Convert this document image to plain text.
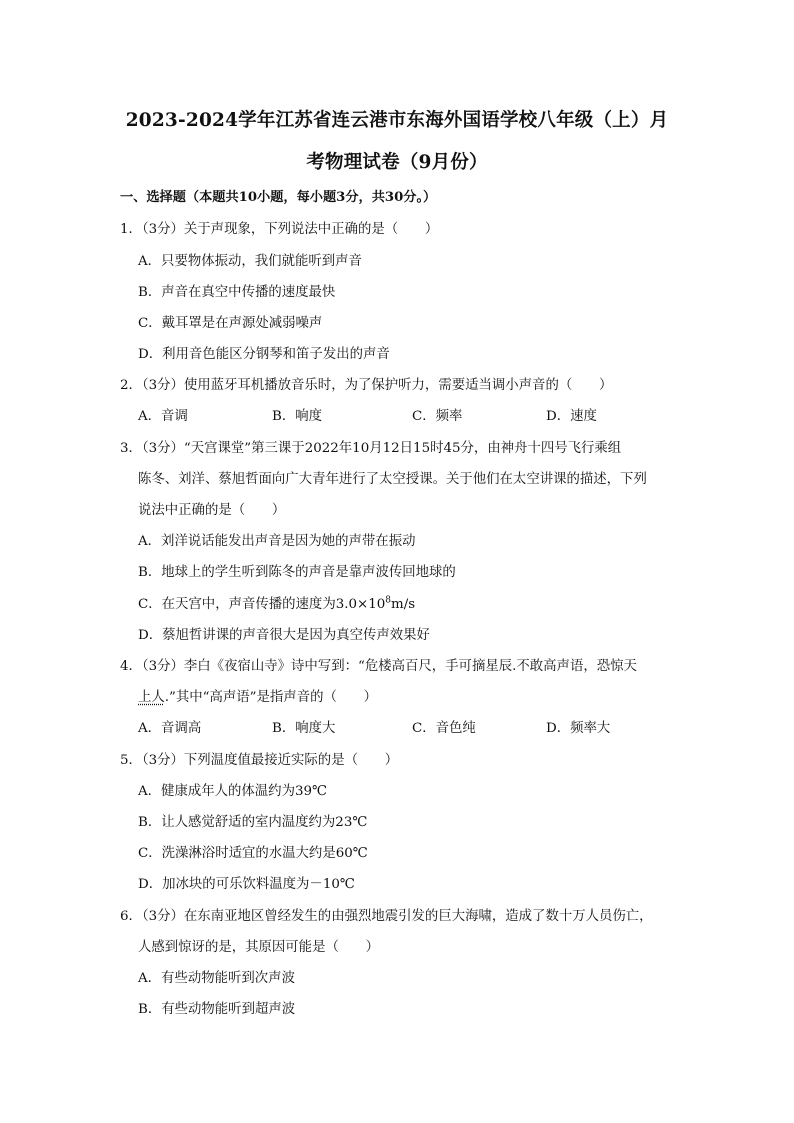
2023-2024学年江苏省连云港市东海外国语学校八年级（上）月
考物理试卷（9月份）
一、选择题（本题共10小题，每小题3分，共30分。）
1．（3分）关于声现象，下列说法中正确的是（　　）
A．只要物体振动，我们就能听到声音
B．声音在真空中传播的速度最快
C．戴耳罩是在声源处减弱噪声
D．利用音色能区分钢琴和笛子发出的声音
2．（3分）使用蓝牙耳机播放音乐时，为了保护听力，需要适当调小声音的（　　）
A．音调	B．响度	C．频率	D．速度
3．（3分）“天宫课堂”第三课于2022年10月12日15时45分，由神舟十四号飞行乘组
陈冬、刘洋、蔡旭哲面向广大青年进行了太空授课。关于他们在太空讲课的描述，下列
说法中正确的是（　　）
A．刘洋说话能发出声音是因为她的声带在振动
B．地球上的学生听到陈冬的声音是靠声波传回地球的
C．在天宫中，声音传播的速度为$3.0\times 10^8m/s$
D．蔡旭哲讲课的声音很大是因为真空传声效果好
4．（3分）李白《夜宿山寺》诗中写到：“危楼高百尺，手可摘星辰.不敢高声语，恐惊天
上人.”其中“高声语”是指声音的（　　）
A．音调高	B．响度大	C．音色纯	D．频率大
5．（3分）下列温度值最接近实际的是（　　）
A．健康成年人的体温约为39℃
B．让人感觉舒适的室内温度约为23℃
C．洗澡淋浴时适宜的水温大约是60℃
D．加冰块的可乐饮料温度为－10℃
6．（3分）在东南亚地区曾经发生的由强烈地震引发的巨大海啸，造成了数十万人员伤亡，
人感到惊讶的是，其原因可能是（　　）
A．有些动物能听到次声波
B．有些动物能听到超声波
